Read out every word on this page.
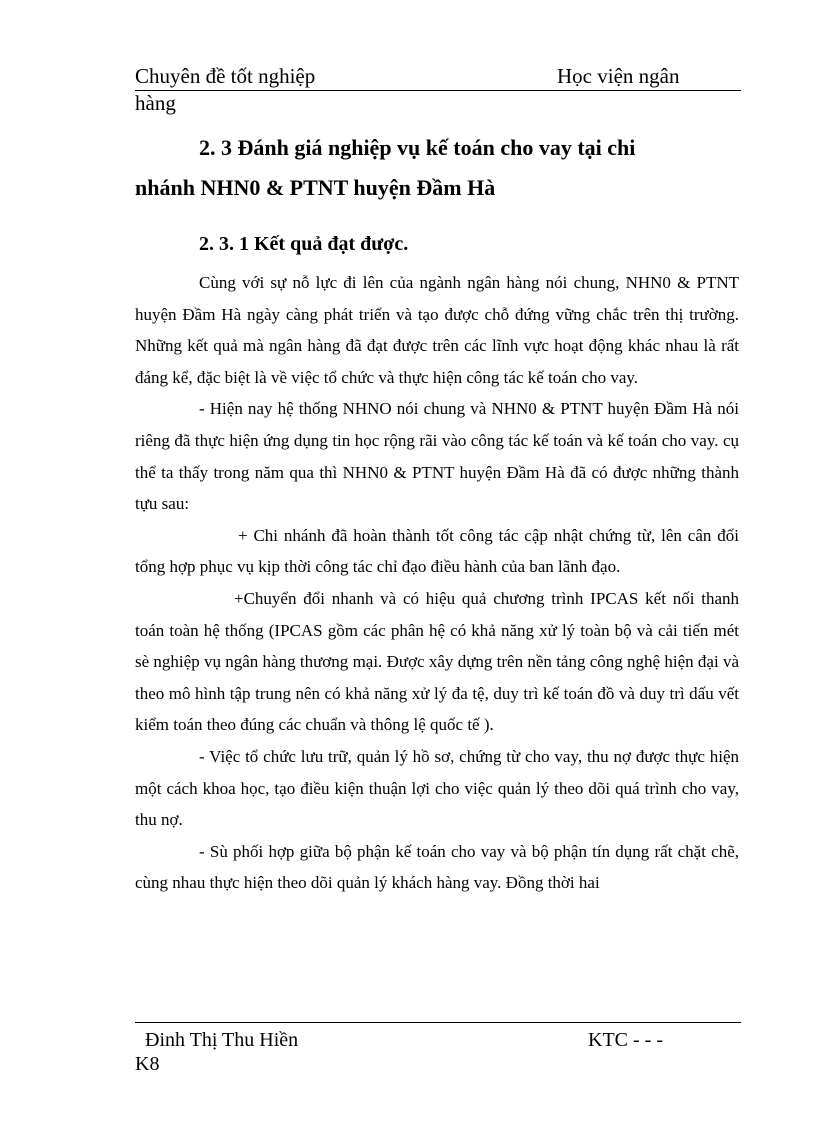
Chuyên đề tốt nghiệp	Học viện ngân
hàng
2. 3 Đánh giá nghiệp vụ kế toán cho vay tại chi
nhánh NHN0 & PTNT huyện Đầm Hà
2. 3. 1 Kết quả đạt được.

Cùng với sự nỗ lực đi lên của ngành ngân hàng nói chung, NHN0 & PTNT huyện Đầm Hà ngày càng phát triển và tạo được chỗ đứng vững chắc trên thị trường. Những kết quả mà ngân hàng đã đạt được trên các lĩnh vực hoạt động khác nhau là rất đáng kể, đặc biệt là về việc tổ chức và thực hiện công tác kế toán cho vay.

- Hiện nay hệ thống NHNO nói chung và NHN0 & PTNT huyện Đầm Hà nói riêng đã thực hiện ứng dụng tin học rộng rãi vào công tác kế toán và kế toán cho vay. cụ thể ta thấy trong năm qua thì NHN0 & PTNT huyện Đầm Hà đã có được những thành tựu sau:

+ Chi nhánh đã hoàn thành tốt công tác cập nhật chứng từ, lên cân đối tổng hợp phục vụ kịp thời công tác chỉ đạo điều hành của ban lãnh đạo.

+Chuyển đổi nhanh và có hiệu quả chương trình IPCAS kết nối thanh toán toàn hệ thống (IPCAS gồm các phân hệ có khả năng xử lý toàn bộ và cải tiến mét sè nghiệp vụ ngân hàng thương mại. Được xây dựng trên nền tảng công nghệ hiện đại và theo mô hình tập trung nên có khả năng xử lý đa tệ, duy trì kế toán đồ và duy trì dấu vết kiểm toán theo đúng các chuẩn và thông lệ quốc tế ).

- Việc tổ chức lưu trữ, quản lý hồ sơ, chứng từ cho vay, thu nợ được thực hiện một cách khoa học, tạo điều kiện thuận lợi cho việc quản lý theo dõi quá trình cho vay, thu nợ.

- Sù phối hợp giữa bộ phận kế toán cho vay và bộ phận tín dụng rất chặt chẽ, cùng nhau thực hiện theo dõi quản lý khách hàng vay. Đồng thời hai

Đinh Thị Thu Hiền	KTC - - -
K8
